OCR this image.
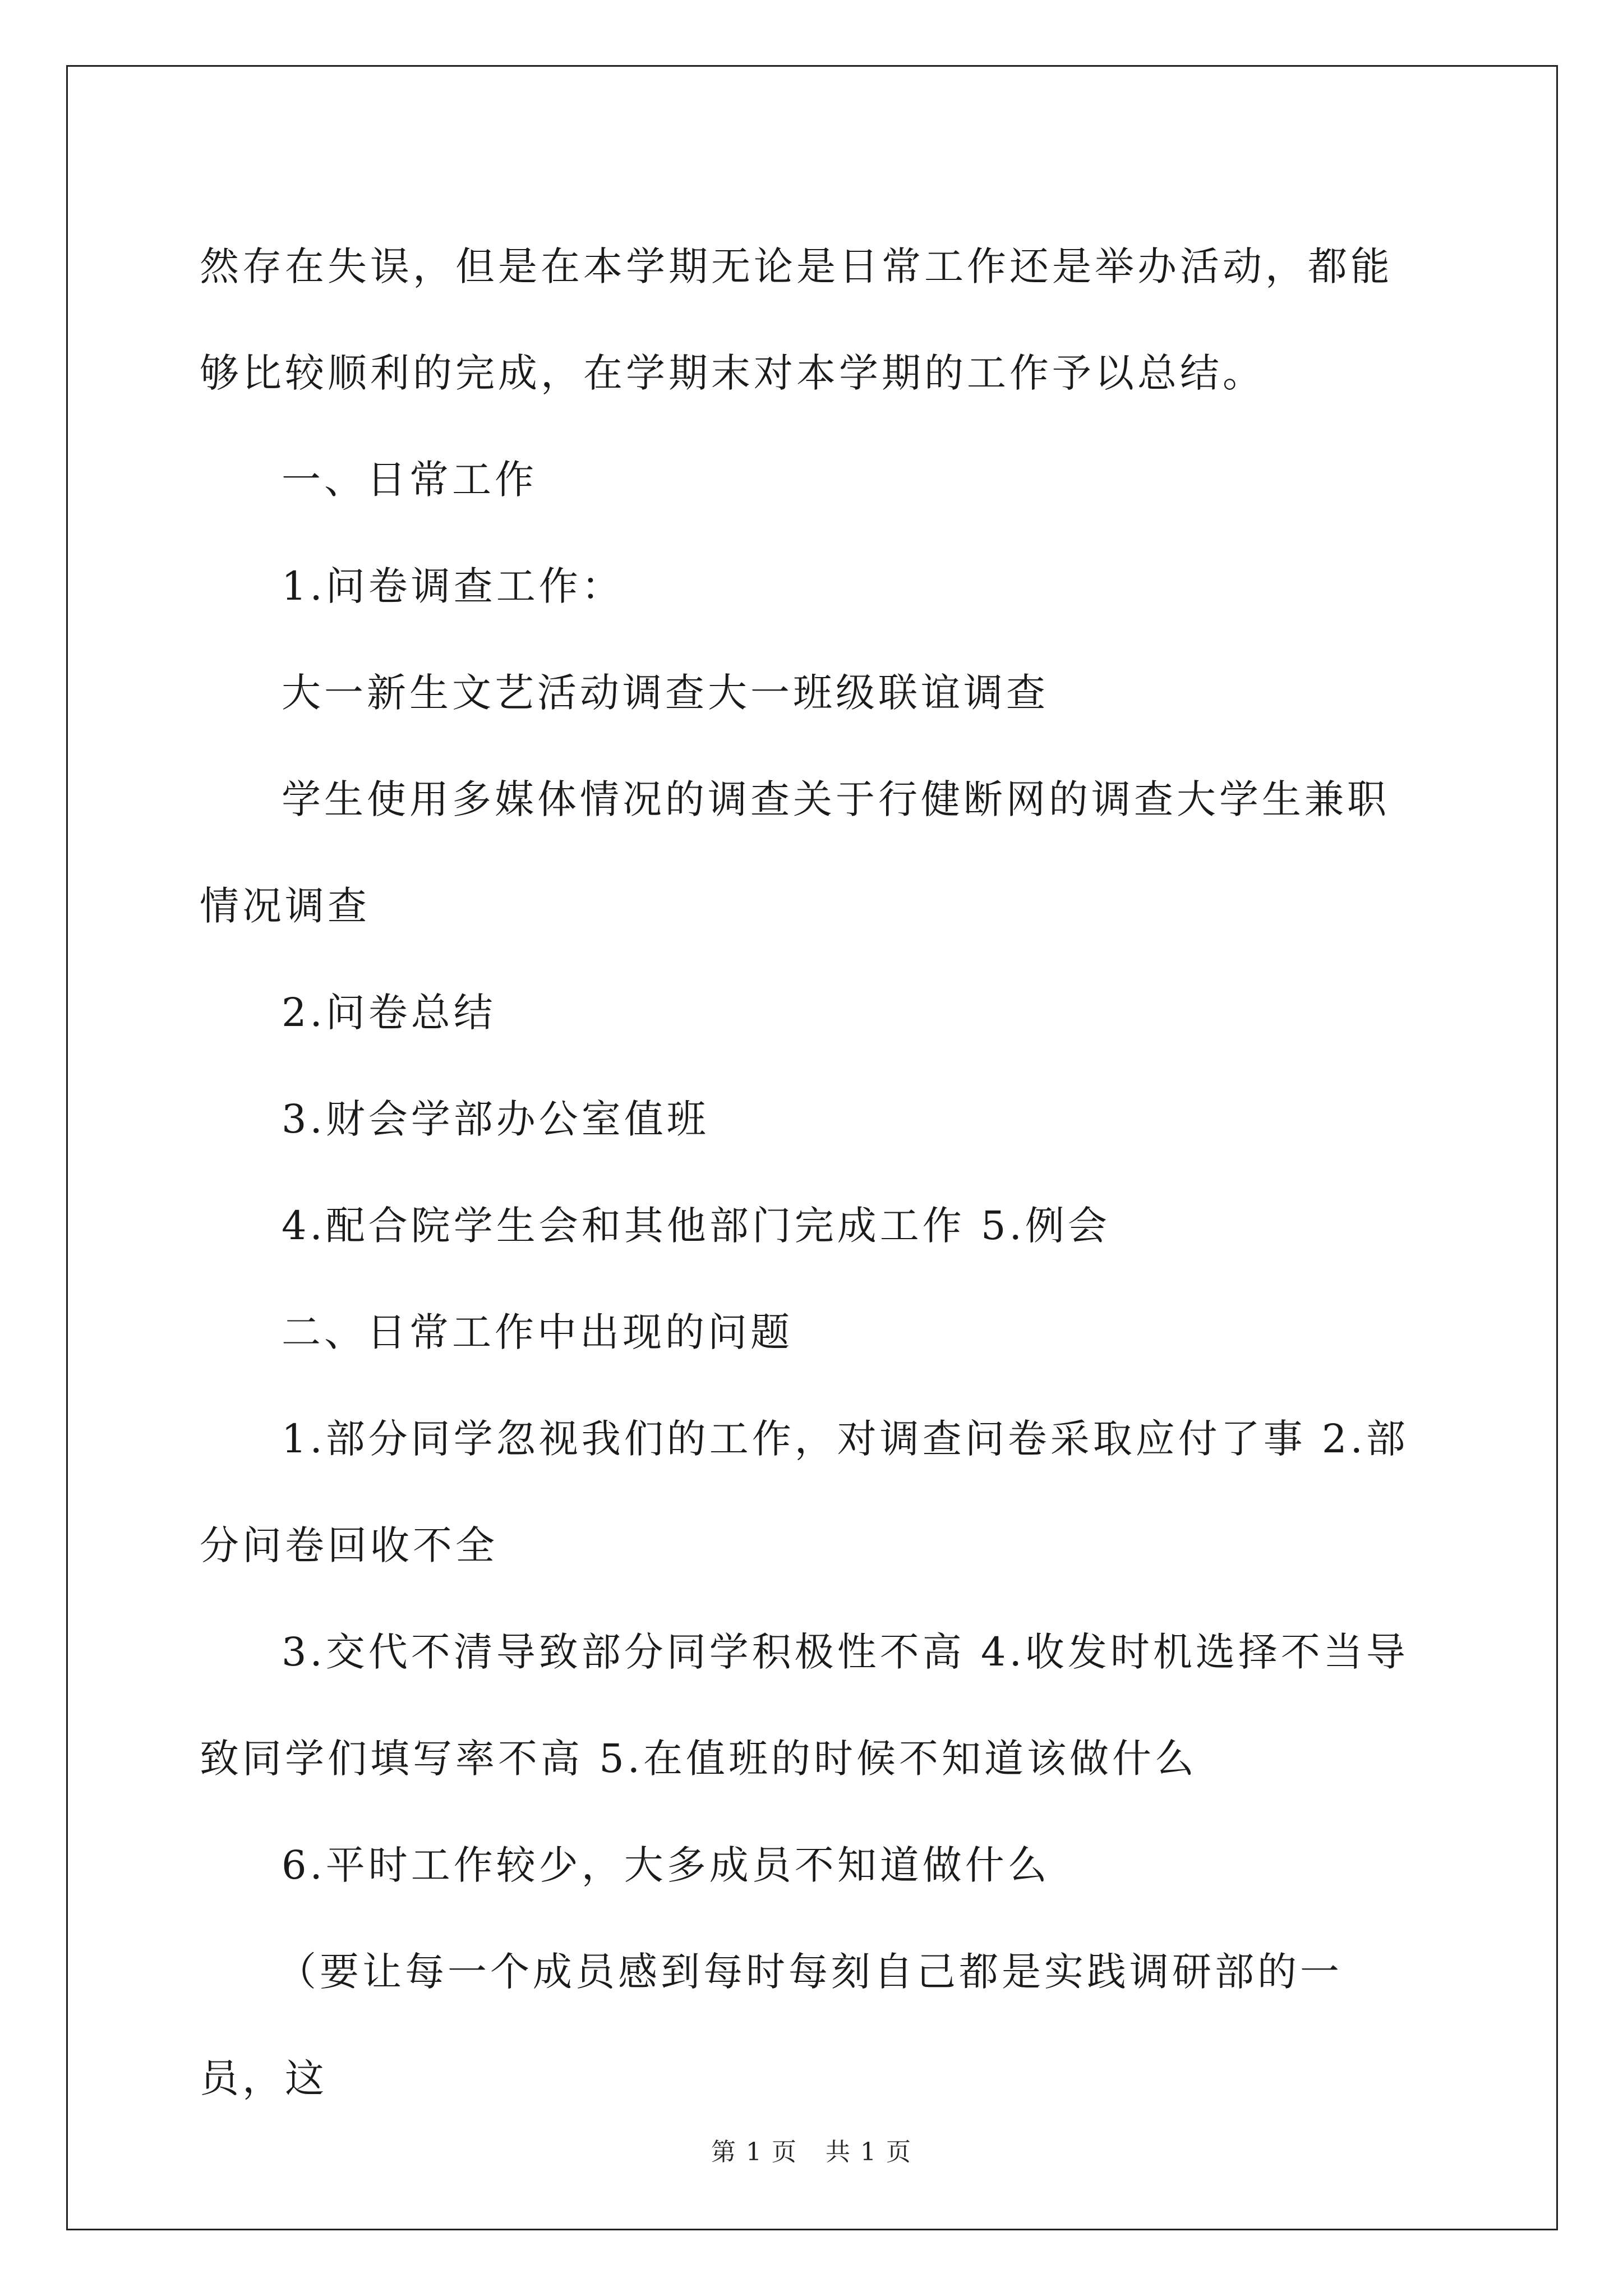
然存在失误，但是在本学期无论是日常工作还是举办活动，都能够比较顺利的完成，在学期末对本学期的工作予以总结。

一、日常工作

1.问卷调查工作：

大一新生文艺活动调查大一班级联谊调查

学生使用多媒体情况的调查关于行健断网的调查大学生兼职情况调查

2.问卷总结

3.财会学部办公室值班

4.配合院学生会和其他部门完成工作 5.例会

二、日常工作中出现的问题

1.部分同学忽视我们的工作，对调查问卷采取应付了事 2.部分问卷回收不全

3.交代不清导致部分同学积极性不高 4.收发时机选择不当导致同学们填写率不高 5.在值班的时候不知道该做什么

6.平时工作较少，大多成员不知道做什么

（要让每一个成员感到每时每刻自己都是实践调研部的一员，这

第 1 页 共 1 页
